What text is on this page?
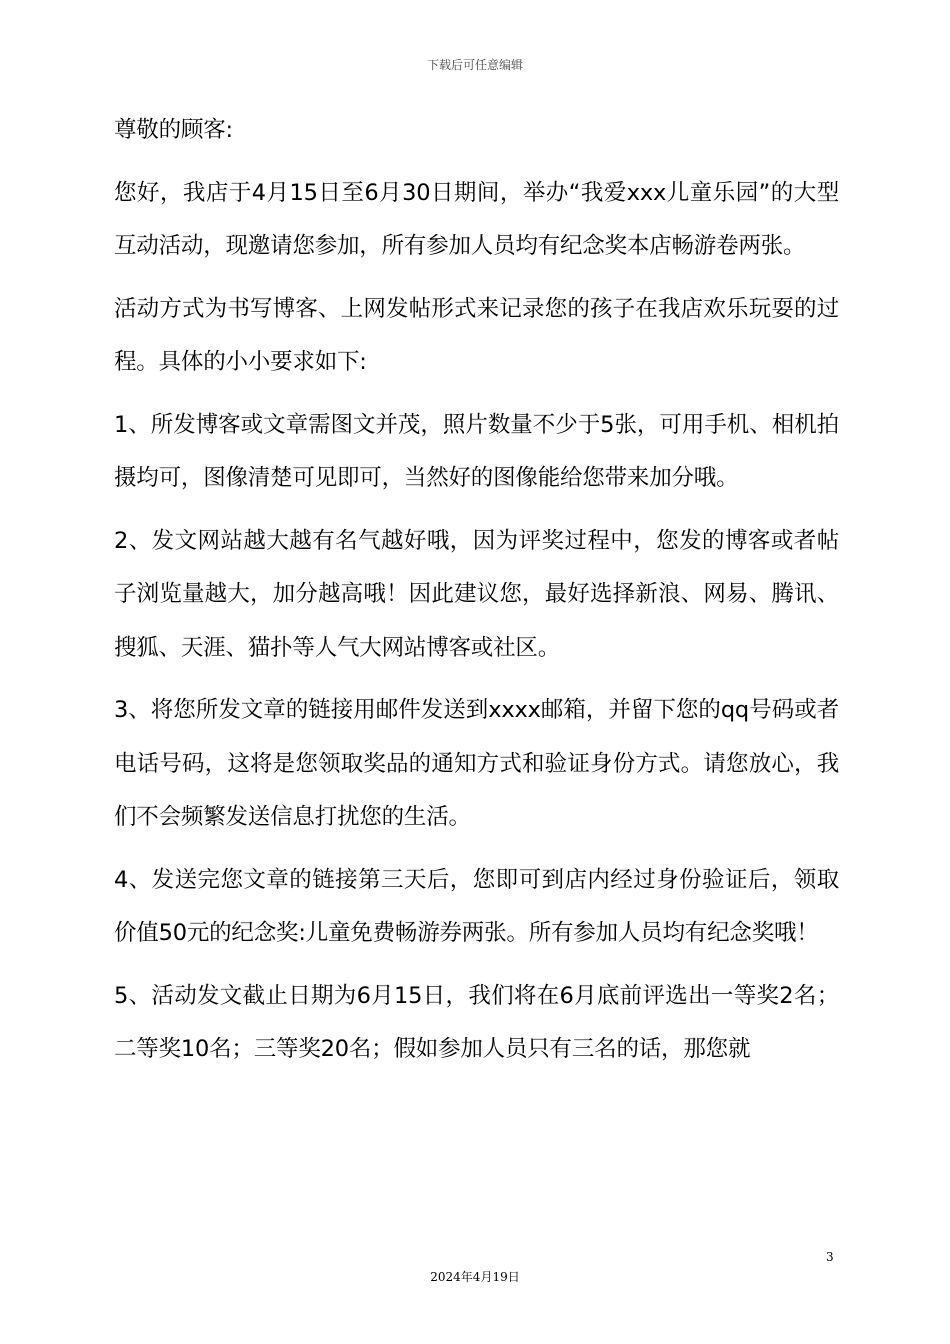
下载后可任意编辑

尊敬的顾客:

您好，我店于4月15日至6月30日期间，举办“我爱xxx儿童乐园”的大型互动活动，现邀请您参加，所有参加人员均有纪念奖本店畅游卷两张。

活动方式为书写博客、上网发帖形式来记录您的孩子在我店欢乐玩耍的过程。具体的小小要求如下:

1、所发博客或文章需图文并茂，照片数量不少于5张，可用手机、相机拍摄均可，图像清楚可见即可，当然好的图像能给您带来加分哦。

2、发文网站越大越有名气越好哦，因为评奖过程中，您发的博客或者帖子浏览量越大，加分越高哦！因此建议您，最好选择新浪、网易、腾讯、搜狐、天涯、猫扑等人气大网站博客或社区。

3、将您所发文章的链接用邮件发送到xxxx邮箱，并留下您的qq号码或者电话号码，这将是您领取奖品的通知方式和验证身份方式。请您放心，我们不会频繁发送信息打扰您的生活。

4、发送完您文章的链接第三天后，您即可到店内经过身份验证后，领取价值50元的纪念奖:儿童免费畅游券两张。所有参加人员均有纪念奖哦！

5、活动发文截止日期为6月15日，我们将在6月底前评选出一等奖2名；二等奖10名；三等奖20名；假如参加人员只有三名的话，那您就

3
2024年4月19日
